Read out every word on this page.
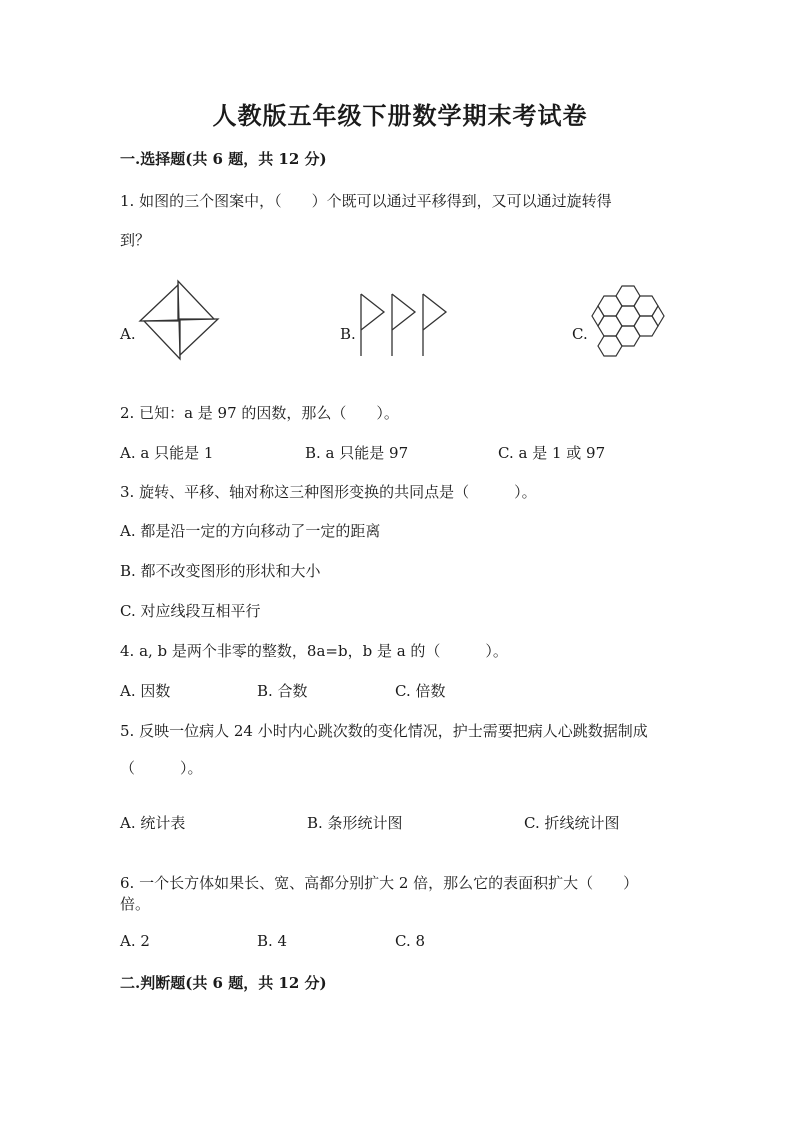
人教版五年级下册数学期末考试卷
一.选择题(共 6 题，共 12 分)
1. 如图的三个图案中，（　　）个既可以通过平移得到，又可以通过旋转得
到？
A.	B.	C.
2. 已知：a 是 97 的因数，那么（　　）。
A. a 只能是 1	B. a 只能是 97	C. a 是 1 或 97
3. 旋转、平移、轴对称这三种图形变换的共同点是（　　　）。
A. 都是沿一定的方向移动了一定的距离
B. 都不改变图形的形状和大小
C. 对应线段互相平行
4. a, b 是两个非零的整数，8a=b，b 是 a 的（　　　）。
A. 因数	B. 合数	C. 倍数
5. 反映一位病人 24 小时内心跳次数的变化情况，护士需要把病人心跳数据制成
（　　　）。
A. 统计表	B. 条形统计图	C. 折线统计图
6. 一个长方体如果长、宽、高都分别扩大 2 倍，那么它的表面积扩大（　　）
倍。
A. 2	B. 4	C. 8
二.判断题(共 6 题，共 12 分)
